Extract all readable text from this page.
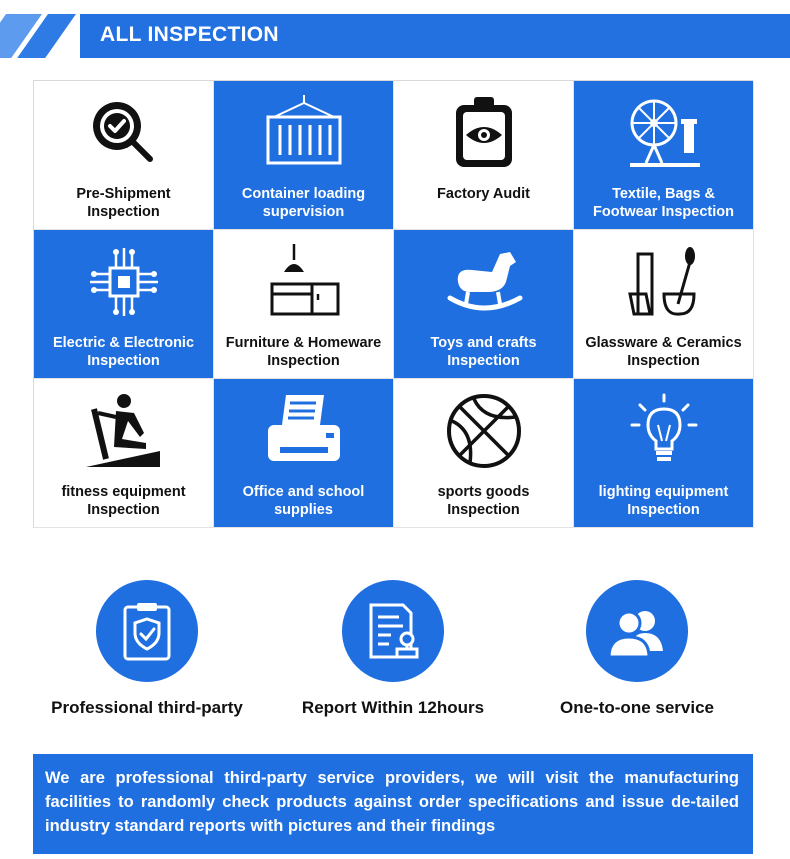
ALL INSPECTION
Pre-Shipment
Inspection
Container loading
supervision
Factory Audit	Textile, Bags &
Footwear Inspection
Electric & Electronic
Inspection
Furniture & Homeware
Inspection
Toys and crafts
Inspection
Glassware & Ceramics
Inspection
fitness equipment
Inspection
Office and school
supplies
sports goods
Inspection
lighting equipment
Inspection
Professional third-party	Report Within 12hours	One-to-one service

We are professional third-party service providers, we will visit the manufacturing facilities to randomly check products against order specifications and issue de-tailed industry standard reports with pictures and their findings
